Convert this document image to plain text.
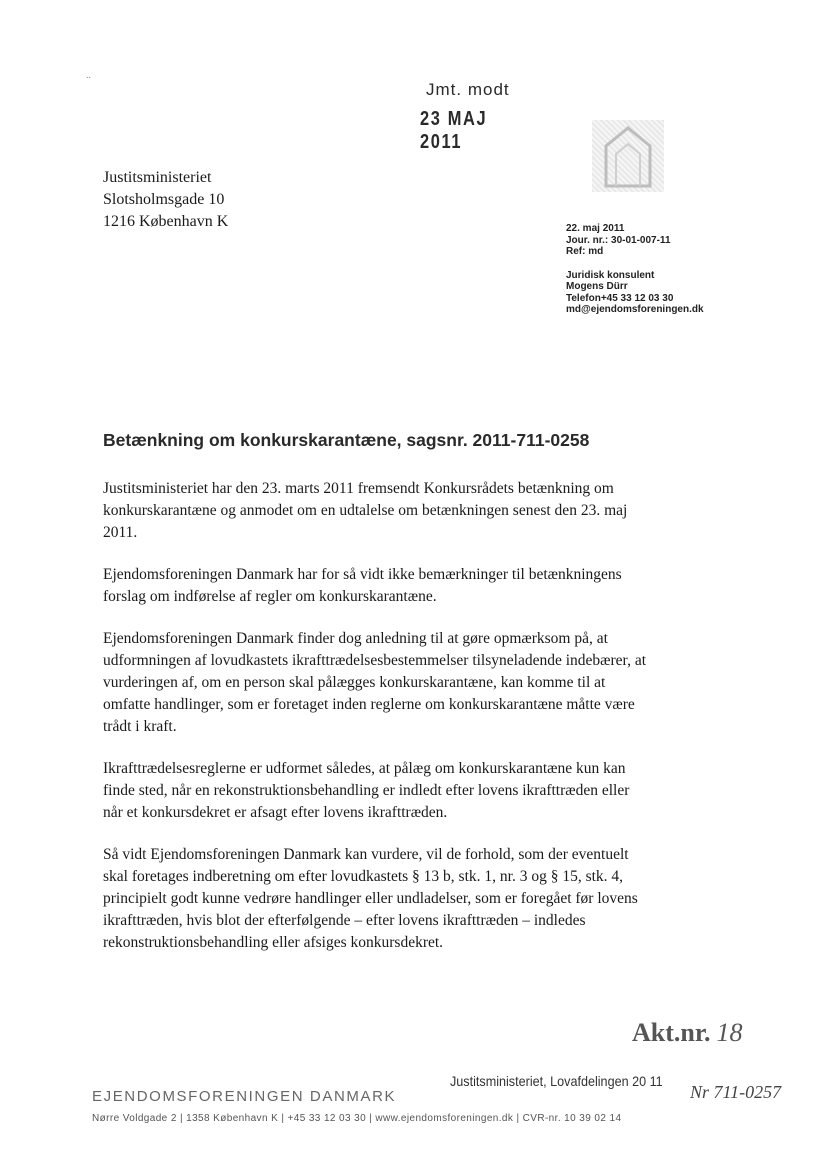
..
Jmt. modt
23 MAJ 2011
Justitsministeriet
Slotsholmsgade 10
1216 København K	22. maj 2011
Jour. nr.: 30-01-007-11
Ref: md
Juridisk konsulent
Mogens Dürr
Telefon+45 33 12 03 30
md@ejendomsforeningen.dk
Betænkning om konkurskarantæne, sagsnr. 2011-711-0258

Justitsministeriet har den 23. marts 2011 fremsendt Konkursrådets betænkning om konkurskarantæne og anmodet om en udtalelse om betænkningen senest den 23. maj 2011.

Ejendomsforeningen Danmark har for så vidt ikke bemærkninger til betænkningens forslag om indførelse af regler om konkurskarantæne.

Ejendomsforeningen Danmark finder dog anledning til at gøre opmærksom på, at udformningen af lovudkastets ikrafttrædelsesbestemmelser tilsyneladende indebærer, at vurderingen af, om en person skal pålægges konkurskarantæne, kan komme til at omfatte handlinger, som er foretaget inden reglerne om konkurskarantæne måtte være trådt i kraft.

Ikrafttrædelsesreglerne er udformet således, at pålæg om konkurskarantæne kun kan finde sted, når en rekonstruktionsbehandling er indledt efter lovens ikrafttræden eller når et konkursdekret er afsagt efter lovens ikrafttræden.

Så vidt Ejendomsforeningen Danmark kan vurdere, vil de forhold, som der eventuelt skal foretages indberetning om efter lovudkastets § 13 b, stk. 1, nr. 3 og § 15, stk. 4, principielt godt kunne vedrøre handlinger eller undladelser, som er foregået før lovens ikrafttræden, hvis blot der efterfølgende – efter lovens ikrafttræden – indledes rekonstruktionsbehandling eller afsiges konkursdekret.

Akt.nr. 18
Justitsministeriet, Lovafdelingen 20 11
Nr 711-0257
EJENDOMSFORENINGEN DANMARK
Nørre Voldgade 2 | 1358 København K | +45 33 12 03 30 | www.ejendomsforeningen.dk | CVR-nr. 10 39 02 14
